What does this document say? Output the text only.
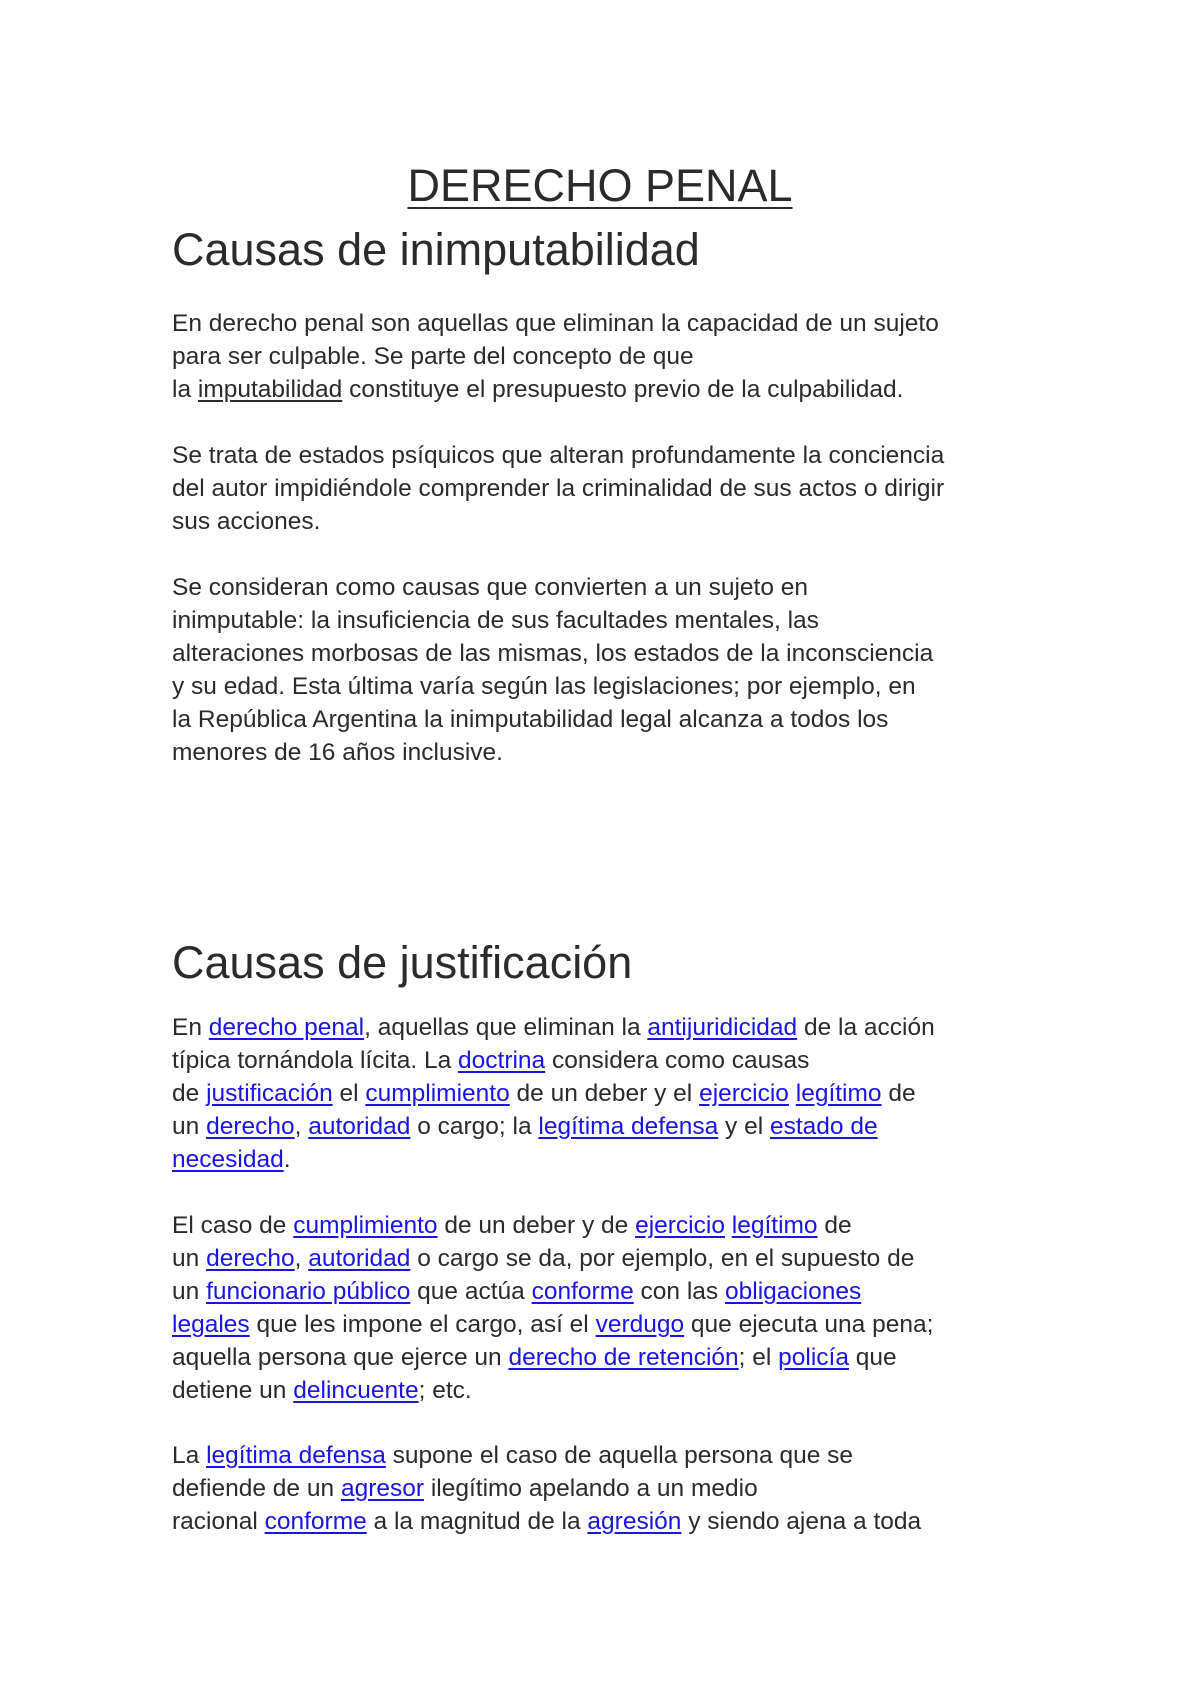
DERECHO PENAL
Causas de inimputabilidad

En derecho penal son aquellas que eliminan la capacidad de un sujeto
para ser culpable. Se parte del concepto de que
la imputabilidad constituye el presupuesto previo de la culpabilidad.

Se trata de estados psíquicos que alteran profundamente la conciencia
del autor impidiéndole comprender la criminalidad de sus actos o dirigir
sus acciones.

Se consideran como causas que convierten a un sujeto en
inimputable: la insuficiencia de sus facultades mentales, las
alteraciones morbosas de las mismas, los estados de la inconsciencia
y su edad. Esta última varía según las legislaciones; por ejemplo, en
la República Argentina la inimputabilidad legal alcanza a todos los
menores de 16 años inclusive.

Causas de justificación

En derecho penal, aquellas que eliminan la antijuridicidad de la acción
típica tornándola lícita. La doctrina considera como causas
de justificación el cumplimiento de un deber y el ejercicio legítimo de
un derecho, autoridad o cargo; la legítima defensa y el estado de
necesidad.

El caso de cumplimiento de un deber y de ejercicio legítimo de
un derecho, autoridad o cargo se da, por ejemplo, en el supuesto de
un funcionario público que actúa conforme con las obligaciones
legales que les impone el cargo, así el verdugo que ejecuta una pena;
aquella persona que ejerce un derecho de retención; el policía que
detiene un delincuente; etc.

La legítima defensa supone el caso de aquella persona que se
defiende de un agresor ilegítimo apelando a un medio
racional conforme a la magnitud de la agresión y siendo ajena a toda
